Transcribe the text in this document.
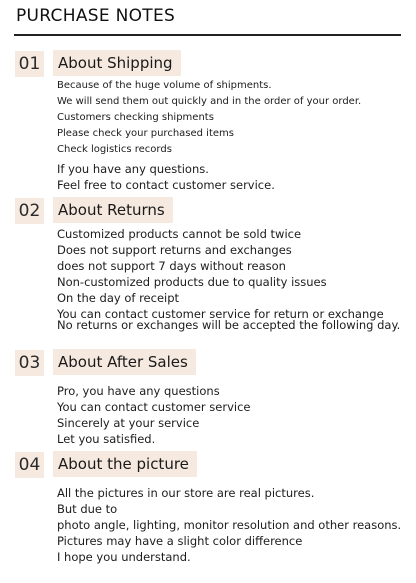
PURCHASE NOTES
01	About Shipping
Because of the huge volume of shipments.
We will send them out quickly and in the order of your order.
Customers checking shipments
Please check your purchased items
Check logistics records
If you have any questions.
Feel free to contact customer service.
02	About Returns
Customized products cannot be sold twice
Does not support returns and exchanges
does not support 7 days without reason
Non-customized products due to quality issues
On the day of receipt
You can contact customer service for return or exchange
No returns or exchanges will be accepted the following day.
03	About After Sales
Pro, you have any questions
You can contact customer service
Sincerely at your service
Let you satisfied.
04	About the picture
All the pictures in our store are real pictures.
But due to
photo angle, lighting, monitor resolution and other reasons.
Pictures may have a slight color difference
I hope you understand.
